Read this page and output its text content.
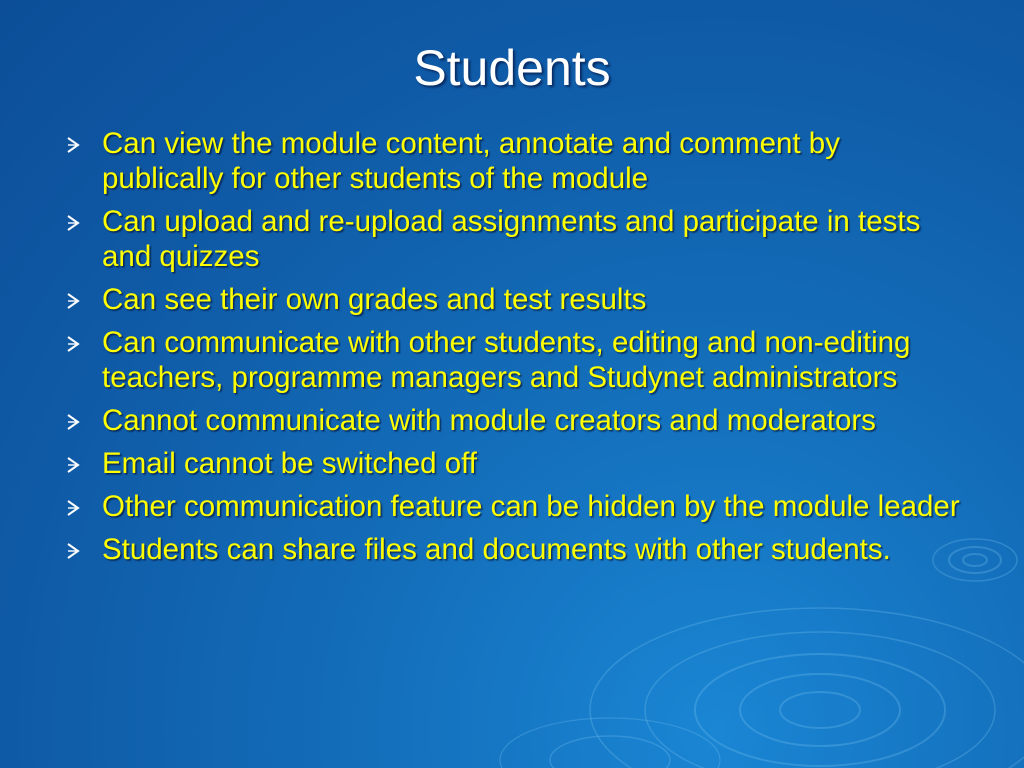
Students
Can view the module content, annotate and comment by publically for other students of the module
Can upload and re-upload assignments and participate in tests and quizzes
Can see their own grades and test results
Can communicate with other students, editing and non-editing teachers, programme managers and Studynet administrators
Cannot communicate with module creators and moderators
Email cannot be switched off
Other communication feature can be hidden by the module leader
Students can share files and documents with other students.
